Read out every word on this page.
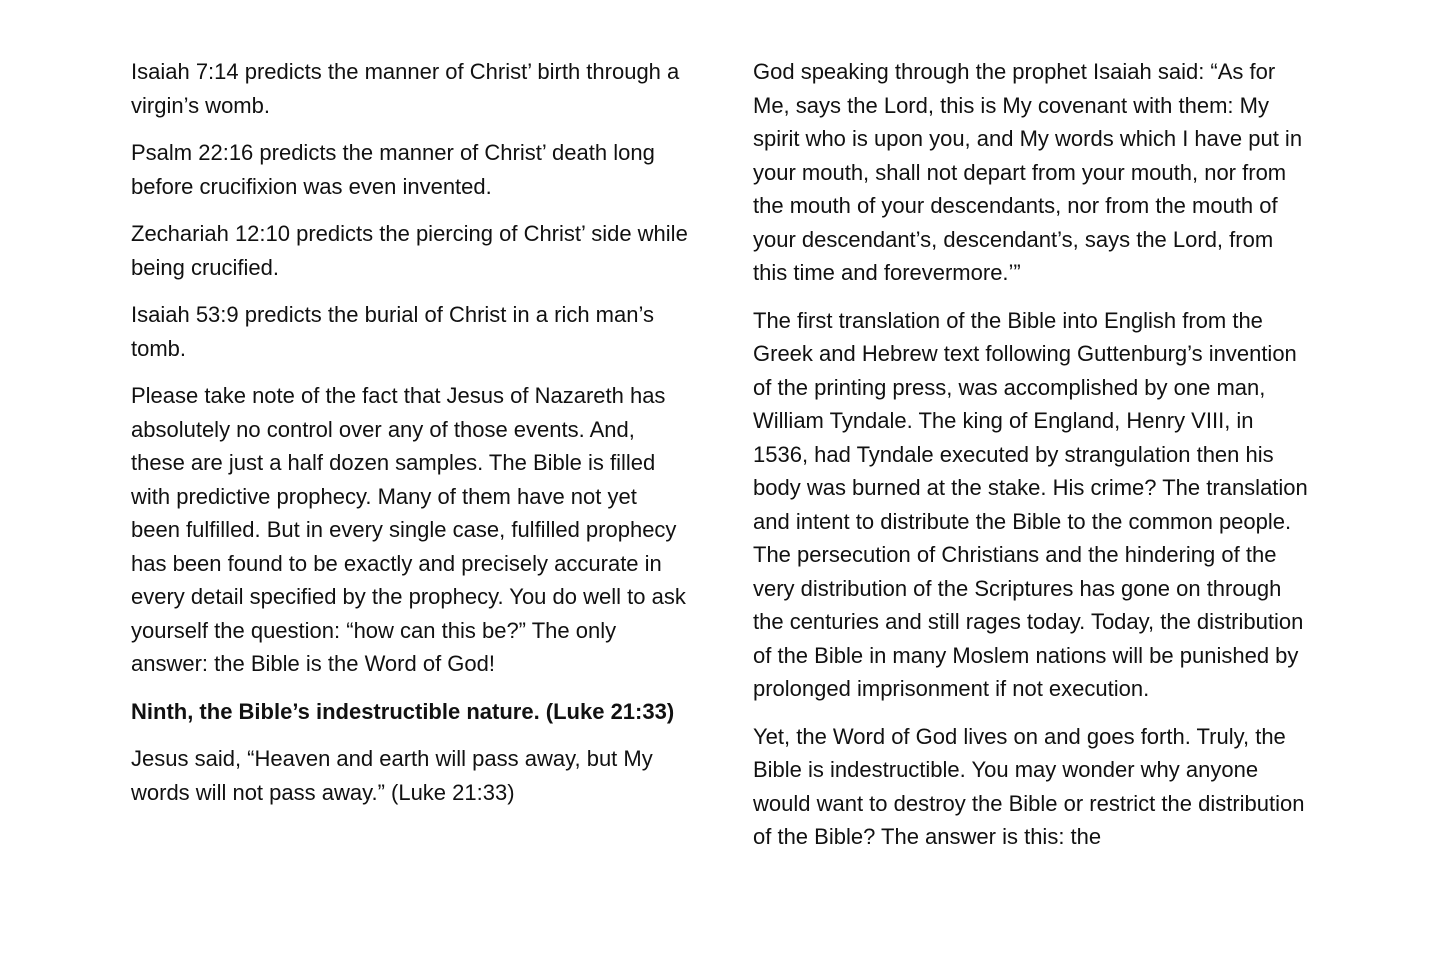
Isaiah 7:14 predicts the manner of Christ’ birth through a virgin’s womb.

Psalm 22:16 predicts the manner of Christ’ death long before crucifixion was even invented.

Zechariah 12:10 predicts the piercing of Christ’ side while being crucified.

Isaiah 53:9 predicts the burial of Christ in a rich man’s tomb.

Please take note of the fact that Jesus of Nazareth has absolutely no control over any of those events. And, these are just a half dozen samples. The Bible is filled with predictive prophecy. Many of them have not yet been fulfilled. But in every single case, fulfilled prophecy has been found to be exactly and precisely accurate in every detail specified by the prophecy. You do well to ask yourself the question: “how can this be?” The only answer: the Bible is the Word of God!

Ninth, the Bible’s indestructible nature. (Luke 21:33)

Jesus said, “Heaven and earth will pass away, but My words will not pass away.” (Luke 21:33)

God speaking through the prophet Isaiah said: “As for Me, says the Lord, this is My covenant with them: My spirit who is upon you, and My words which I have put in your mouth, shall not depart from your mouth, nor from the mouth of your descendants, nor from the mouth of your descendant’s, descendant’s, says the Lord, from this time and forevermore.’”

The first translation of the Bible into English from the Greek and Hebrew text following Guttenburg’s invention of the printing press, was accomplished by one man, William Tyndale. The king of England, Henry VIII, in 1536, had Tyndale executed by strangulation then his body was burned at the stake. His crime? The translation and intent to distribute the Bible to the common people. The persecution of Christians and the hindering of the very distribution of the Scriptures has gone on through the centuries and still rages today. Today, the distribution of the Bible in many Moslem nations will be punished by prolonged imprisonment if not execution.

Yet, the Word of God lives on and goes forth. Truly, the Bible is indestructible. You may wonder why anyone would want to destroy the Bible or restrict the distribution of the Bible? The answer is this: the
